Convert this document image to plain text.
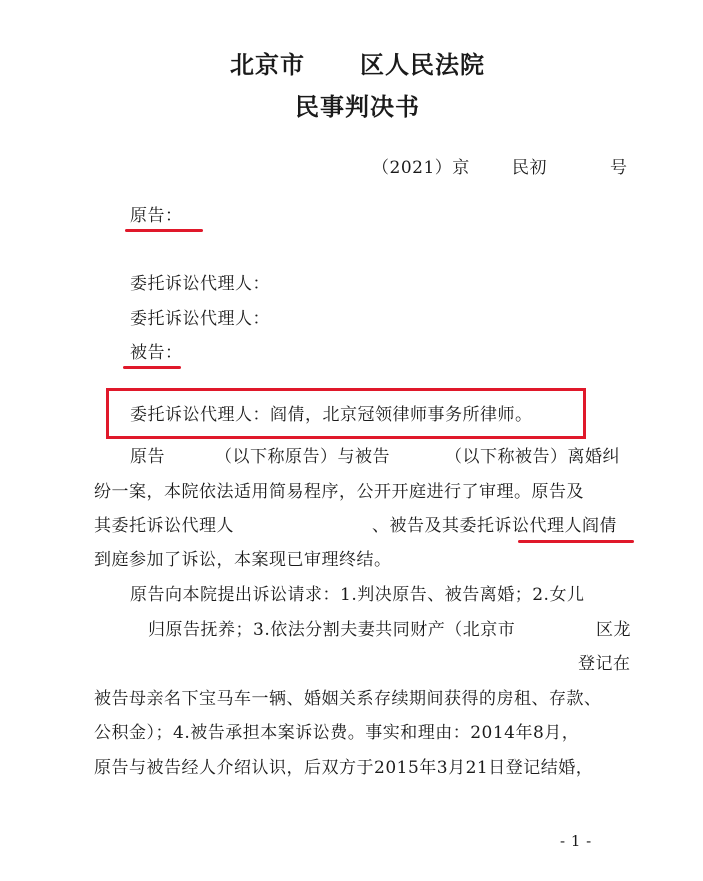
北京市 区人民法院
民事判决书
（2021）京 民初	号
原告：
委托诉讼代理人：
委托诉讼代理人：
被告：
委托诉讼代理人：阎倩，北京冠领律师事务所律师。
原告	（以下称原告）与被告	（以下称被告）离婚纠
纷一案，本院依法适用简易程序，公开开庭进行了审理。原告及
其委托诉讼代理人	、被告及其委托诉讼代理人阎倩
到庭参加了诉讼，本案现已审理终结。
原告向本院提出诉讼请求：1.判决原告、被告离婚；2.女儿
归原告抚养；3.依法分割夫妻共同财产（北京市	区龙
登记在
被告母亲名下宝马车一辆、婚姻关系存续期间获得的房租、存款、
公积金）；4.被告承担本案诉讼费。事实和理由：2014年8月，
原告与被告经人介绍认识，后双方于2015年3月21日登记结婚，
- 1 -
